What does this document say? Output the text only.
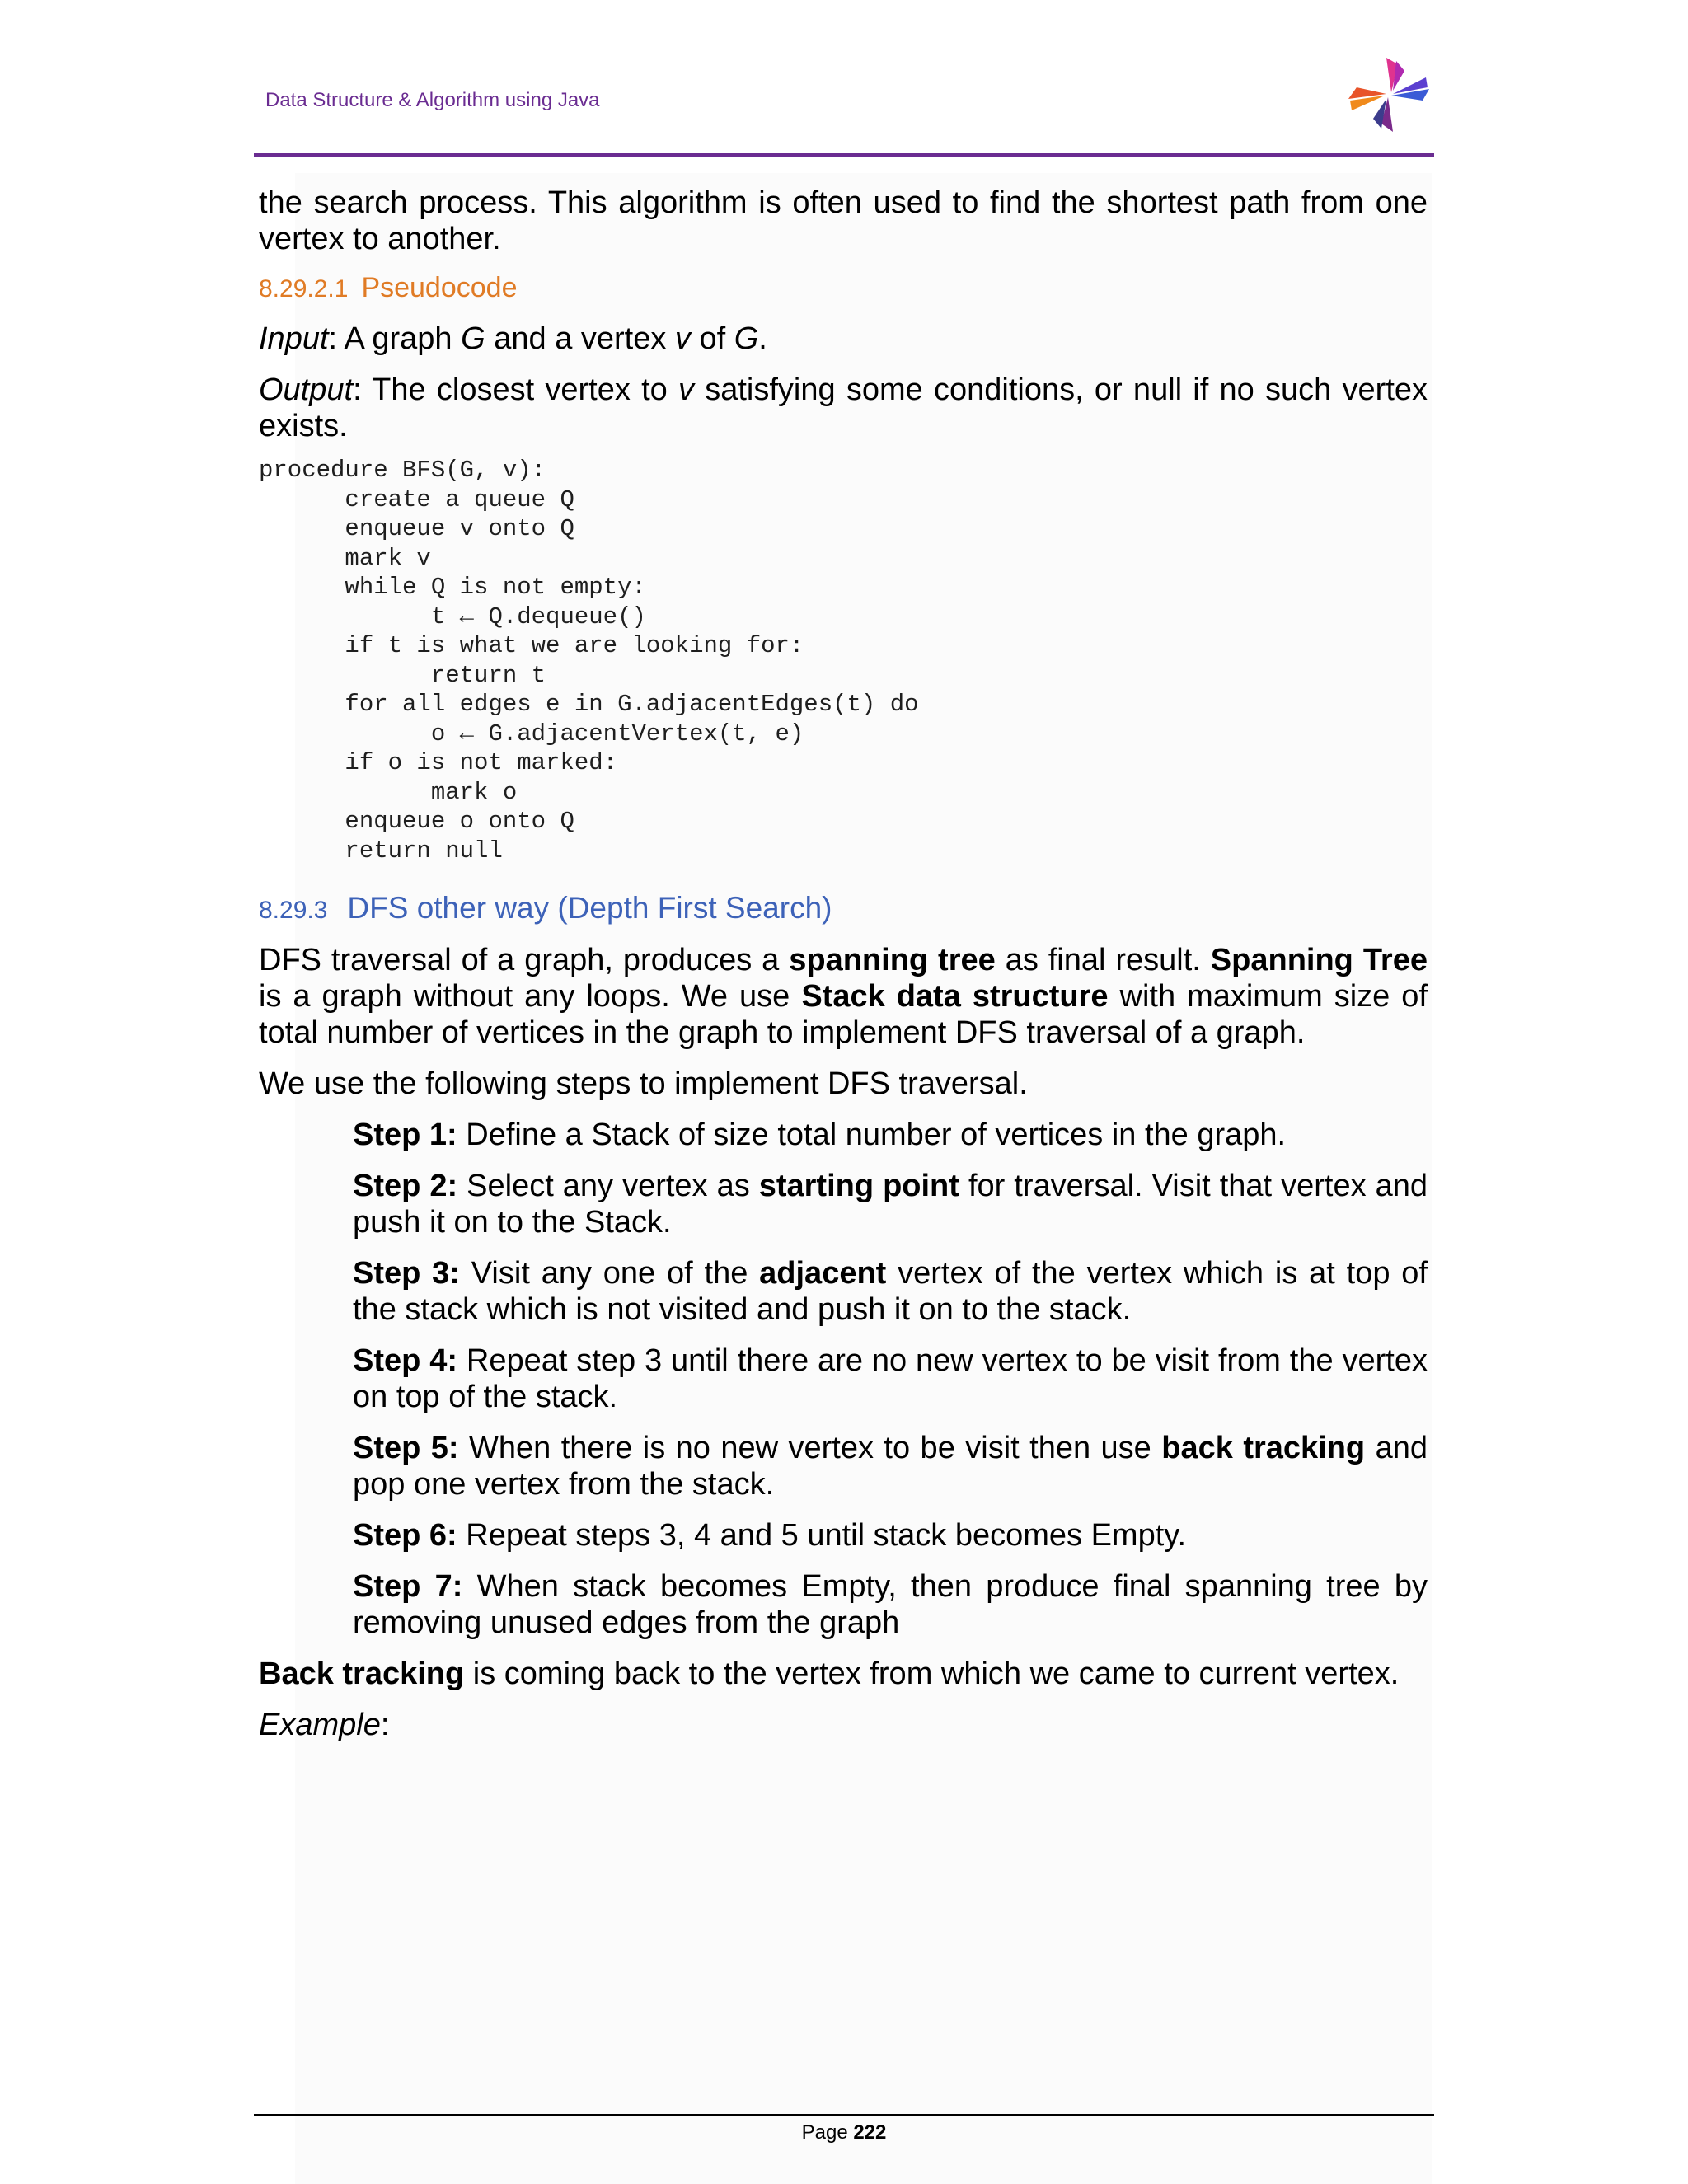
Data Structure & Algorithm using Java

the search process. This algorithm is often used to find the shortest path from one vertex to another.

8.29.2.1 Pseudocode

Input: A graph G and a vertex v of G.

Output: The closest vertex to v satisfying some conditions, or null if no such vertex exists.

procedure BFS(G, v):
create a queue Q
enqueue v onto Q
mark v
while Q is not empty:
t ← Q.dequeue()
if t is what we are looking for:
return t
for all edges e in G.adjacentEdges(t) do
o ← G.adjacentVertex(t, e)
if o is not marked:
mark o
enqueue o onto Q
return null
8.29.3 DFS other way (Depth First Search)

DFS traversal of a graph, produces a spanning tree as final result. Spanning Tree is a graph without any loops. We use Stack data structure with maximum size of total number of vertices in the graph to implement DFS traversal of a graph.

We use the following steps to implement DFS traversal.

Step 1: Define a Stack of size total number of vertices in the graph.

Step 2: Select any vertex as starting point for traversal. Visit that vertex and push it on to the Stack.

Step 3: Visit any one of the adjacent vertex of the vertex which is at top of the stack which is not visited and push it on to the stack.

Step 4: Repeat step 3 until there are no new vertex to be visit from the vertex on top of the stack.

Step 5: When there is no new vertex to be visit then use back tracking and pop one vertex from the stack.

Step 6: Repeat steps 3, 4 and 5 until stack becomes Empty.

Step 7: When stack becomes Empty, then produce final spanning tree by removing unused edges from the graph

Back tracking is coming back to the vertex from which we came to current vertex.

Example:

Page 222
